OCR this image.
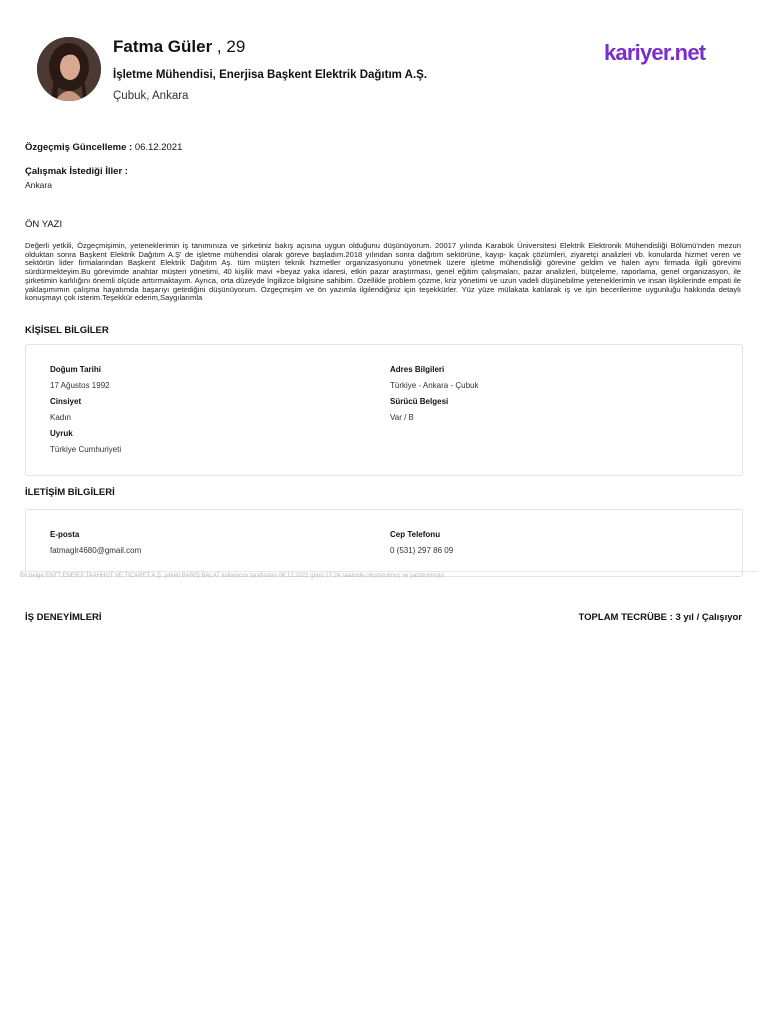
Fatma Güler , 29
İşletme Mühendisi, Enerjisa Başkent Elektrik Dağıtım A.Ş.
Çubuk, Ankara
kariyer.net
Özgeçmiş Güncelleme : 06.12.2021
Çalışmak İstediği İller :
Ankara
ÖN YAZI
Değerli yetkili, Özgeçmişimin, yeteneklerimin iş tanımınıza ve şirketiniz bakış açısına uygun olduğunu düşünüyorum. 20017 yılında Karabük Üniversitesi Elektrik Elektronik Mühendisliği Bölümü'nden mezun olduktan sonra Başkent Elektrik Dağıtım A.Ş' de işletme mühendisi olarak göreve başladım.2018 yılından sonra dağıtım sektörüne, kayıp- kaçak çözümleri, ziyaretçi analizleri vb. konularda hizmet veren ve sektörün lider firmalarından Başkent Elektrik Dağıtım Aş. tüm müşteri teknik hizmetler organizasyonunu yönetmek üzere işletme mühendisliği görevine geldim ve halen aynı firmada ilgili görevimi sürdürmekteyim.Bu görevimde anahtar müşteri yönetimi, 40 kişilik mavi +beyaz yaka idaresi, etkin pazar araştırması, genel eğitim çalışmaları, pazar analizleri, bütçeleme, raporlama, genel organizasyon, ile şirketimin karlılığını önemli ölçüde arttırmaktayım. Ayrıca, orta düzeyde İngilizce bilgisine sahibim. Özellikle problem çözme, kriz yönetimi ve uzun vadeli düşünebilme yeteneklerimin ve insan ilişkilerinde empati ile yaklaşımımın çalışma hayatımda başarıyı getirdiğini düşünüyorum. Özgeçmişim ve ön yazımla ilgilendiğiniz için teşekkürler. Yüz yüze mülakata katılarak iş ve işin becerilerime uygunluğu hakkında detaylı konuşmayı çok isterim.Teşekkür ederim,Saygılarımla
KİŞİSEL BİLGİLER
Doğum Tarihi
17 Ağustos 1992
Cinsiyet
Kadın
Uyruk
Türkiye Cumhuriyeti
Adres Bilgileri
Türkiye - Ankara - Çubuk
Sürücü Belgesi
Var / B
İLETİŞİM BİLGİLERİ
E-posta
fatmaglr4680@gmail.com
Cep Telefonu
0 (531) 297 86 09
Bu belge ENTT ENERJI TAAHHÜT VE TİCARET A.Ş. şirketi BARIŞ BALAT kullanıcısı tarafından 06.12.2021 günü 17:24 saatinde oluşturulmuş ve yazdırılmıştır.
İŞ DENEYİMLERİ	TOPLAM TECRÜBE : 3 yıl / Çalışıyor
